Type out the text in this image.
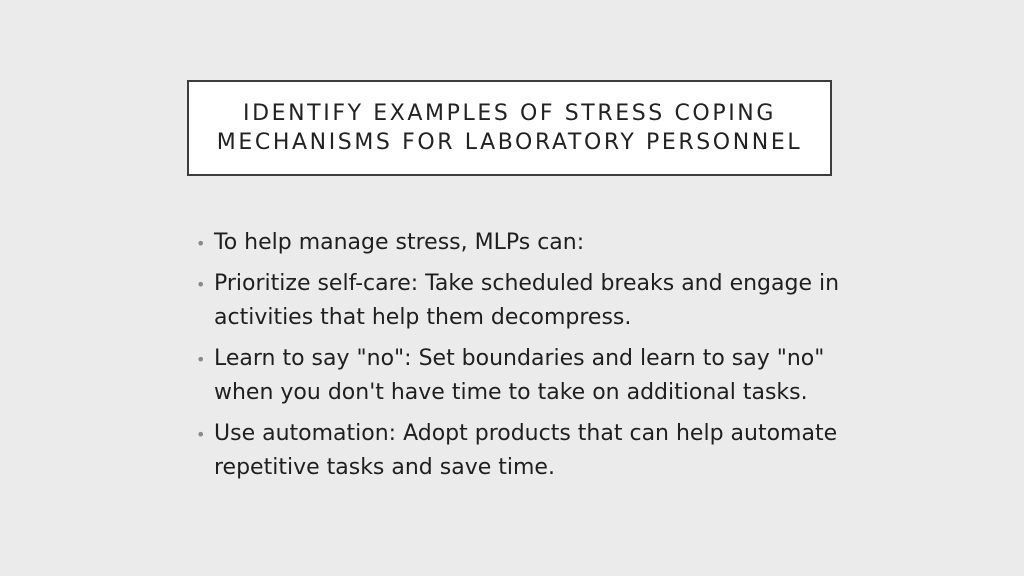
IDENTIFY EXAMPLES OF STRESS COPING MECHANISMS FOR LABORATORY PERSONNEL
• To help manage stress, MLPs can:
• Prioritize self-care: Take scheduled breaks and engage in activities that help them decompress.
• Learn to say "no": Set boundaries and learn to say "no" when you don't have time to take on additional tasks.
• Use automation: Adopt products that can help automate repetitive tasks and save time.
